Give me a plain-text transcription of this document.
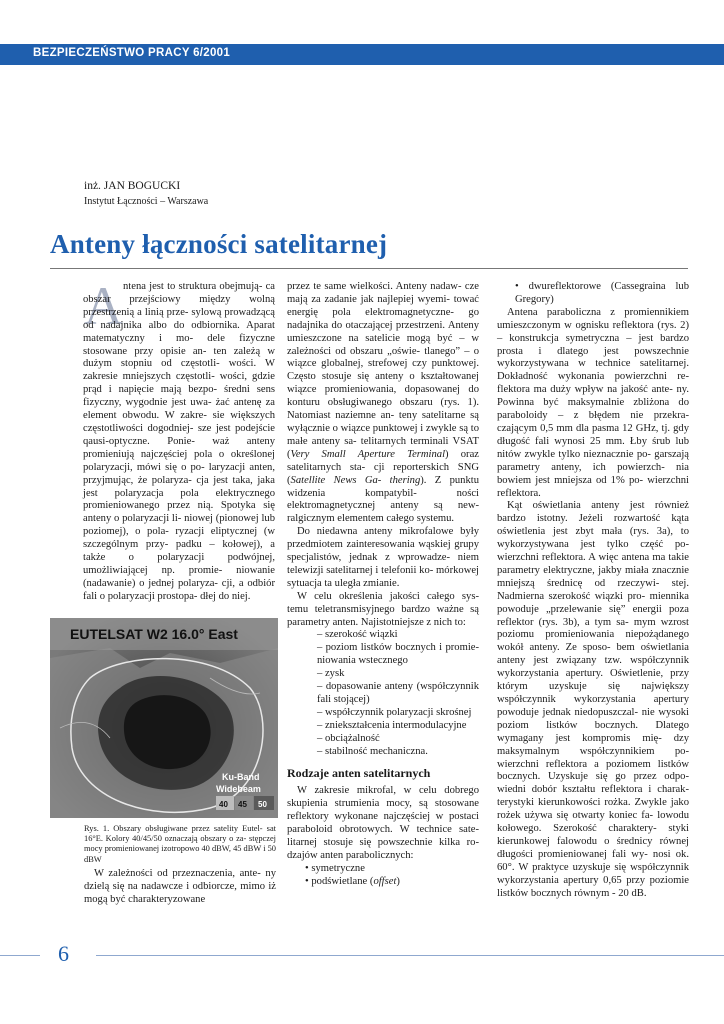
BEZPIECZEŃSTWO PRACY 6/2001
inż. JAN BOGUCKI
Instytut Łączności – Warszawa
Anteny łączności satelitarnej
A ntena jest to struktura obejmują- ca obszar przejściowy między wolną przestrzenią a linią prze- sylową prowadzącą od nadajnika albo do odbiornika. Aparat matematyczny i mo- dele fizyczne stosowane przy opisie an- ten zależą w dużym stopniu od częstotli- wości. W zakresie mniejszych częstotli- wości, gdzie prąd i napięcie mają bezpo- średni sens fizyczny, wygodnie jest uwa- żać antenę za element obwodu. W zakre- sie większych częstotliwości dogodniej- sze jest podejście qausi-optyczne. Ponie- waż anteny promieniują najczęściej pola o określonej polaryzacji, mówi się o po- laryzacji anten, przyjmując, że polaryza- cja jest taka, jaka jest polaryzacja pola elektrycznego promieniowanego przez nią. Spotyka się anteny o polaryzacji li- niowej (pionowej lub poziomej), o pola- ryzacji eliptycznej (w szczególnym przy- padku – kołowej), a także o polaryzacji podwójnej, umożliwiającej np. promie- niowanie (nadawanie) o jednej polaryza- cji, a odbiór fali o polaryzacji prostopa- dłej do niej.

EUTELSAT W2 16.0° East
Ku-Band
Widebeam
40 45 50
Rys. 1. Obszary obsługiwane przez satelity Eutel- sat 16°E. Kolory 40/45/50 oznaczają obszary o za- stępczej mocy promieniowanej izotropowo 40 dBW, 45 dBW i 50 dBW

W zależności od przeznaczenia, ante- ny dzielą się na nadawcze i odbiorcze, mimo iż mogą być charakteryzowane

przez te same wielkości. Anteny nadaw- cze mają za zadanie jak najlepiej wyemi- tować energię pola elektromagnetyczne- go nadajnika do otaczającej przestrzeni. Anteny umieszczone na satelicie mogą być – w zależności od obszaru „oświe- tlanego” – o wiązce globalnej, strefowej czy punktowej. Często stosuje się anteny o kształtowanej wiązce promieniowania, dopasowanej do konturu obsługiwanego obszaru (rys. 1). Natomiast naziemne an- teny satelitarne są wyłącznie o wiązce punktowej i zwykle są to małe anteny sa- telitarnych terminali VSAT (Very Small Aperture Terminal) oraz satelitarnych sta- cji reporterskich SNG (Satellite News Ga- thering). Z punktu widzenia kompatybil- ności elektromagnetycznej anteny są new- ralgicznym elementem całego systemu.

Do niedawna anteny mikrofalowe były przedmiotem zainteresowania wąskiej grupy specjalistów, jednak z wprowadze- niem telewizji satelitarnej i telefonii ko- mórkowej sytuacja ta uległa zmianie.

W celu określenia jakości całego sys- temu teletransmisyjnego bardzo ważne są parametry anten. Najistotniejsze z nich to:

– szerokość wiązki
– poziom listków bocznych i promie- niowania wstecznego
– zysk
– dopasowanie anteny (współczynnik fali stojącej)
– współczynnik polaryzacji skrośnej
– zniekształcenia intermodulacyjne
– obciążalność
– stabilność mechaniczna.
Rodzaje anten satelitarnych

W zakresie mikrofal, w celu dobrego skupienia strumienia mocy, są stosowane reflektory wykonane najczęściej w postaci paraboloid obrotowych. W technice sate- litarnej stosuje się powszechnie kilka ro- dzajów anten parabolicznych:

• symetryczne
• podświetlane (offset)
• dwureflektorowe (Cassegraina lub Gregory)

Antena paraboliczna z promiennikiem umieszczonym w ognisku reflektora (rys. 2) – konstrukcja symetryczna – jest bardzo prosta i dlatego jest powszechnie wykorzystywana w technice satelitarnej. Dokładność wykonania powierzchni re- flektora ma duży wpływ na jakość ante- ny. Powinna być maksymalnie zbliżona do paraboloidy – z błędem nie przekra- czającym 0,5 mm dla pasma 12 GHz, tj. gdy długość fali wynosi 25 mm. Łby śrub lub nitów zwykle tylko nieznacznie po- garszają parametry anteny, ich powierzch- nia bowiem jest mniejsza od 1% po- wierzchni reflektora.

Kąt oświetlania anteny jest również bardzo istotny. Jeżeli rozwartość kąta oświetlenia jest zbyt mała (rys. 3a), to wykorzystywana jest tylko część po- wierzchni reflektora. A więc antena ma takie parametry elektryczne, jakby miała znacznie mniejszą średnicę od rzeczywi- stej. Nadmierna szerokość wiązki pro- miennika powoduje „przelewanie się” energii poza reflektor (rys. 3b), a tym sa- mym wzrost poziomu promieniowania niepożądanego wokół anteny. Ze sposo- bem oświetlania anteny jest związany tzw. współczynnik wykorzystania apertury. Oświetlenie, przy którym uzyskuje się największy współczynnik wykorzystania apertury powoduje jednak niedopuszczal- nie wysoki poziom listków bocznych. Dlatego wymagany jest kompromis mię- dzy maksymalnym współczynnikiem po- wierzchni reflektora a poziomem listków bocznych. Uzyskuje się go przez odpo- wiedni dobór kształtu reflektora i charak- terystyki kierunkowości rożka. Zwykle jako rożek używa się otwarty koniec fa- lowodu kołowego. Szerokość charaktery- styki kierunkowej falowodu o średnicy równej długości promieniowanej fali wy- nosi ok. 60°. W praktyce uzyskuje się współczynnik wykorzystania apertury 0,65 przy poziomie listków bocznych równym - 20 dB.

6
